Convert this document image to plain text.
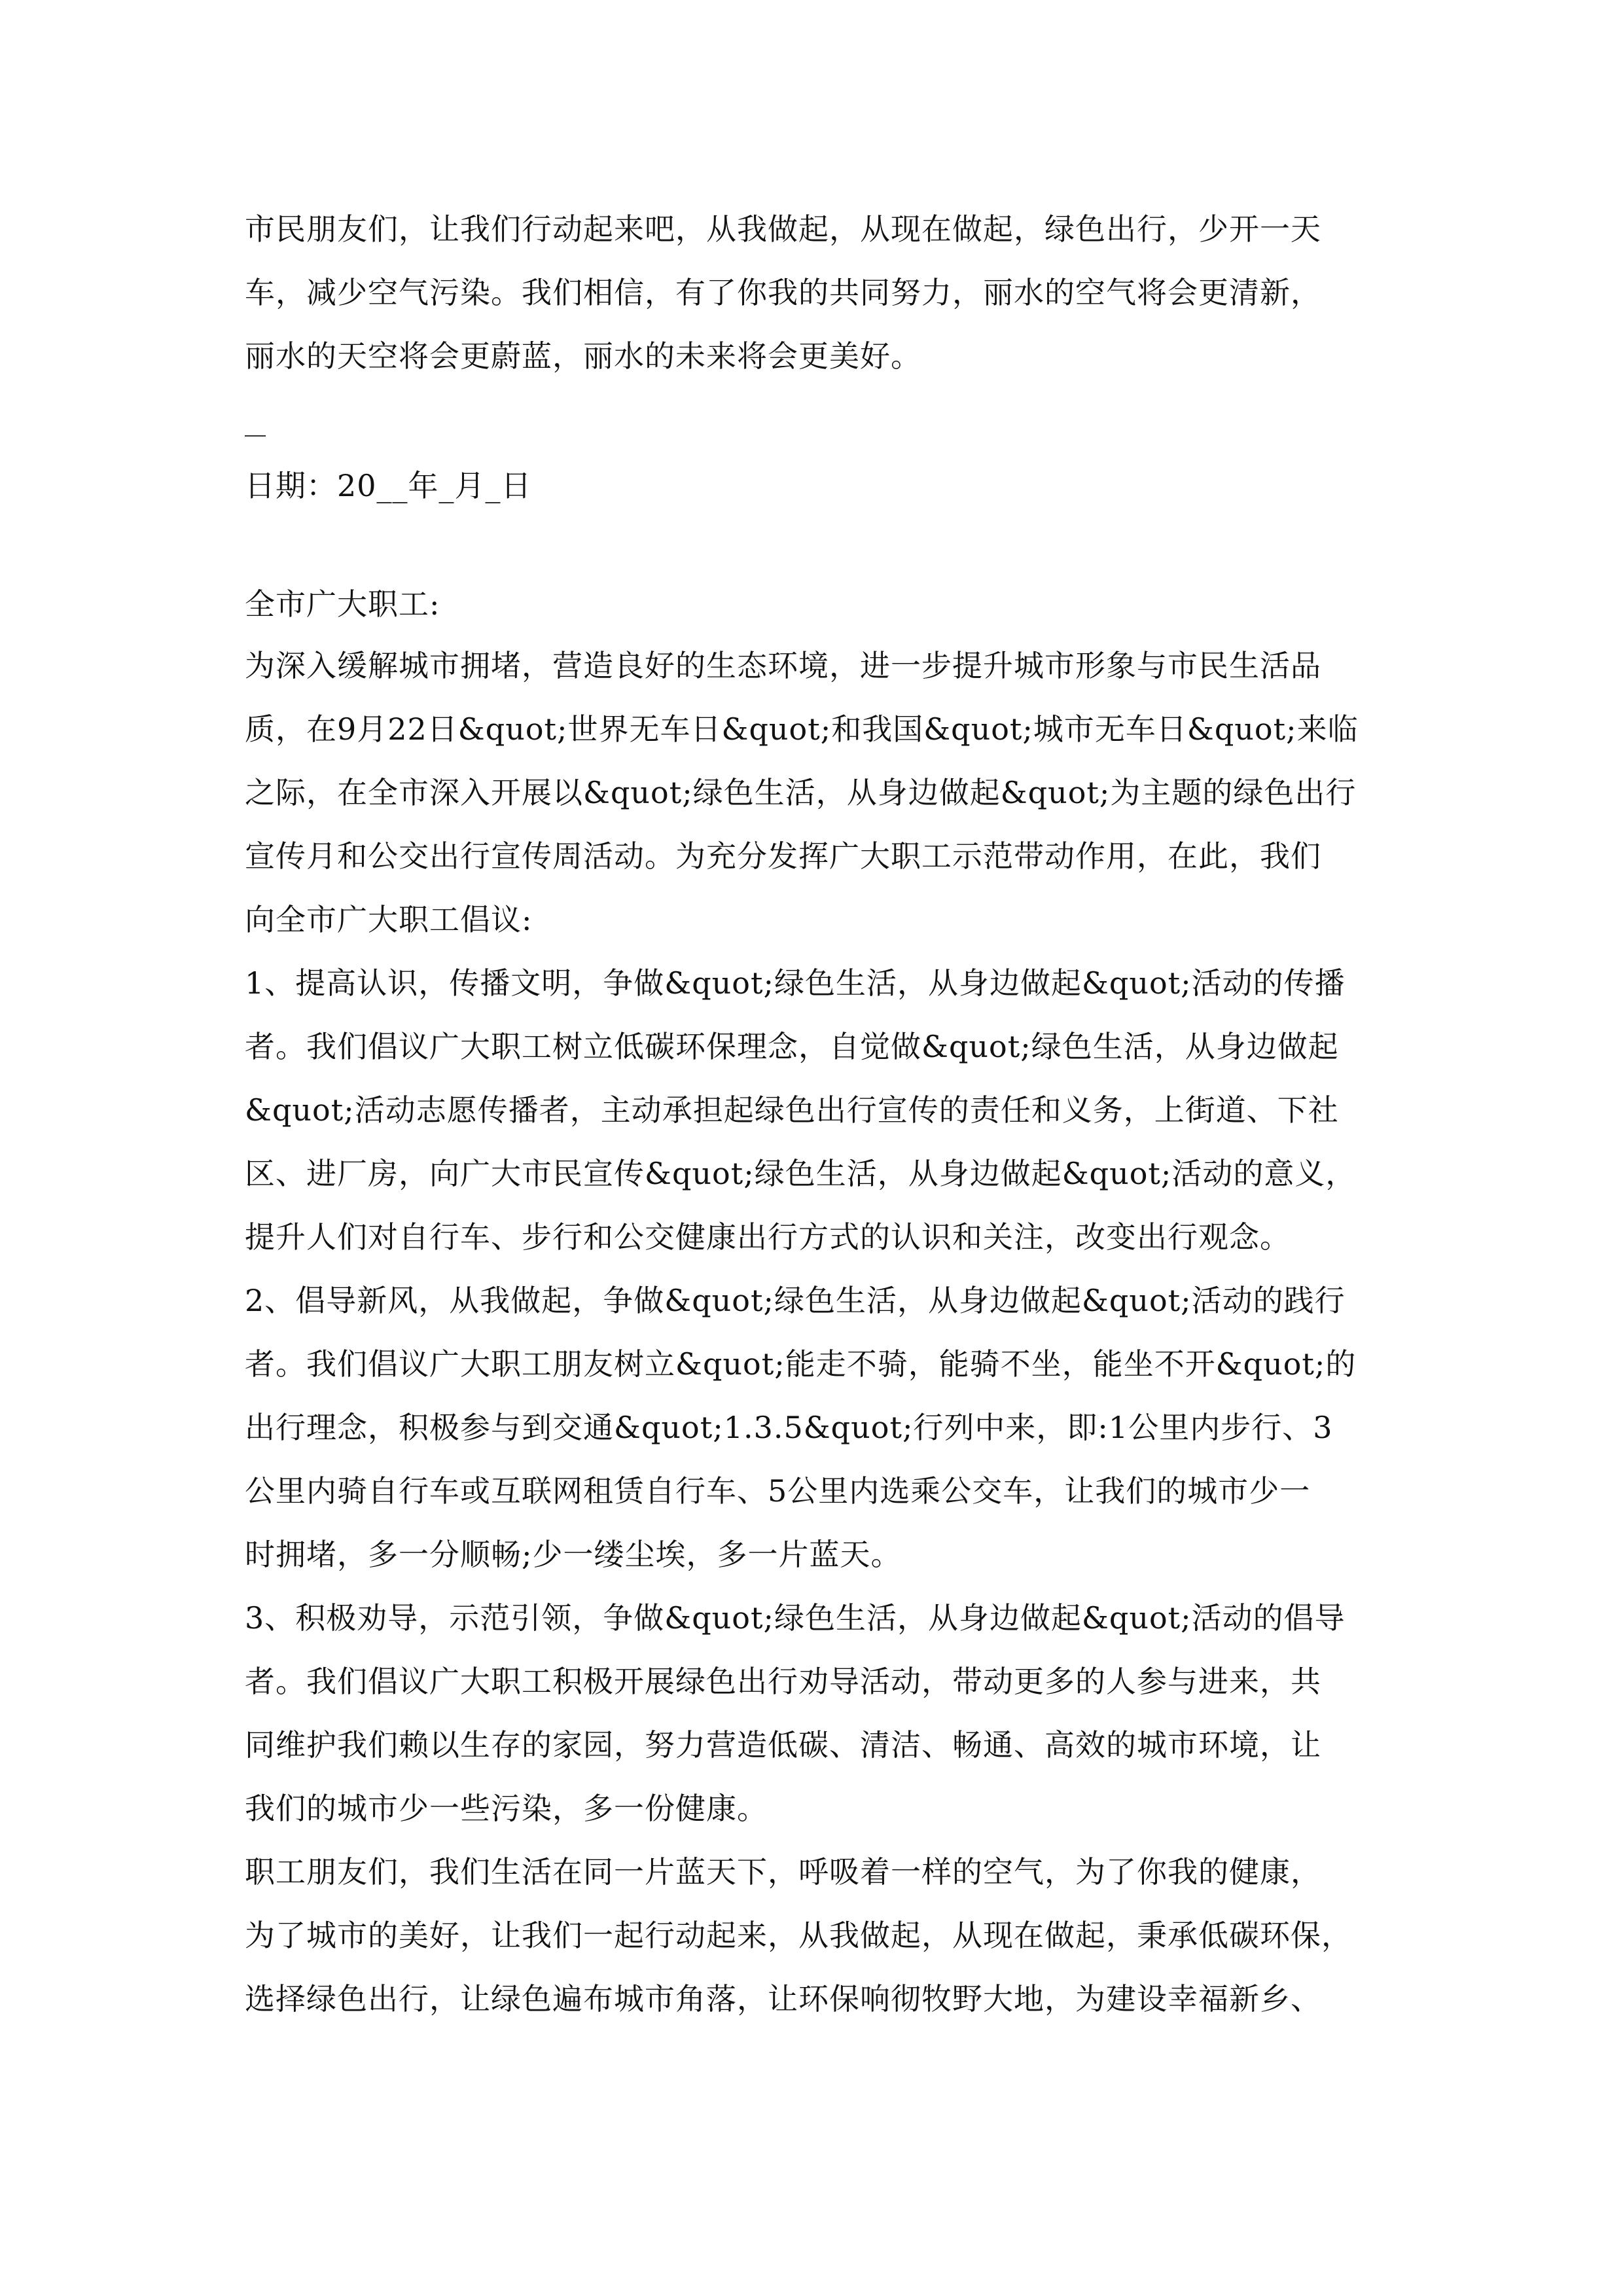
市民朋友们，让我们行动起来吧，从我做起，从现在做起，绿色出行，少开一天
车，减少空气污染。我们相信，有了你我的共同努力，丽水的空气将会更清新，
丽水的天空将会更蔚蓝，丽水的未来将会更美好。
日期：20__年_月_日
全市广大职工:
为深入缓解城市拥堵，营造良好的生态环境，进一步提升城市形象与市民生活品
质，在9月22日&quot;世界无车日&quot;和我国&quot;城市无车日&quot;来临
之际，在全市深入开展以&quot;绿色生活，从身边做起&quot;为主题的绿色出行
宣传月和公交出行宣传周活动。为充分发挥广大职工示范带动作用，在此，我们
向全市广大职工倡议:
1、提高认识，传播文明，争做&quot;绿色生活，从身边做起&quot;活动的传播
者。我们倡议广大职工树立低碳环保理念，自觉做&quot;绿色生活，从身边做起
&quot;活动志愿传播者，主动承担起绿色出行宣传的责任和义务，上街道、下社
区、进厂房，向广大市民宣传&quot;绿色生活，从身边做起&quot;活动的意义，
提升人们对自行车、步行和公交健康出行方式的认识和关注，改变出行观念。
2、倡导新风，从我做起，争做&quot;绿色生活，从身边做起&quot;活动的践行
者。我们倡议广大职工朋友树立&quot;能走不骑，能骑不坐，能坐不开&quot;的
出行理念，积极参与到交通&quot;1.3.5&quot;行列中来，即:1公里内步行、3
公里内骑自行车或互联网租赁自行车、5公里内选乘公交车，让我们的城市少一
时拥堵，多一分顺畅;少一缕尘埃，多一片蓝天。
3、积极劝导，示范引领，争做&quot;绿色生活，从身边做起&quot;活动的倡导
者。我们倡议广大职工积极开展绿色出行劝导活动，带动更多的人参与进来，共
同维护我们赖以生存的家园，努力营造低碳、清洁、畅通、高效的城市环境，让
我们的城市少一些污染，多一份健康。
职工朋友们，我们生活在同一片蓝天下，呼吸着一样的空气，为了你我的健康，
为了城市的美好，让我们一起行动起来，从我做起，从现在做起，秉承低碳环保，
选择绿色出行，让绿色遍布城市角落，让环保响彻牧野大地，为建设幸福新乡、
